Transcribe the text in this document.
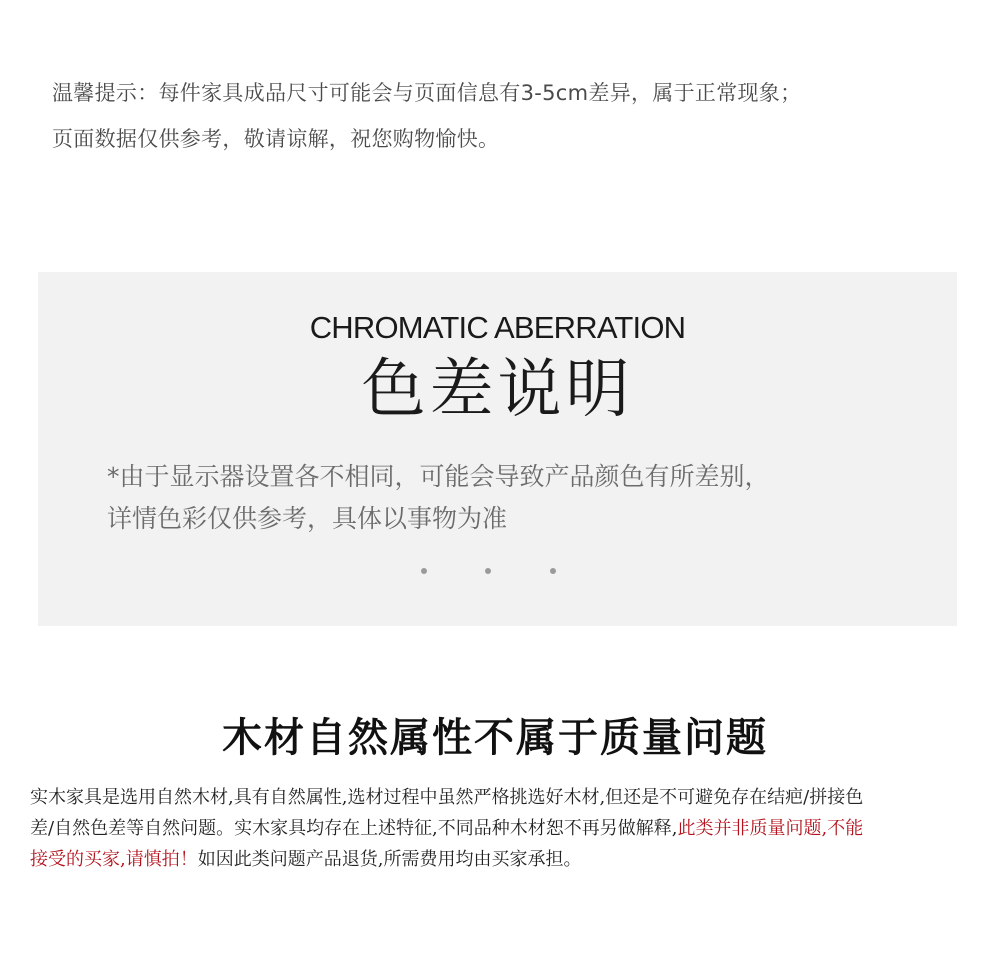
温馨提示：每件家具成品尺寸可能会与页面信息有3-5cm差异，属于正常现象；
页面数据仅供参考，敬请谅解，祝您购物愉快。
CHROMATIC ABERRATION
色差说明
*由于显示器设置各不相同，可能会导致产品颜色有所差别，
详情色彩仅供参考，具体以事物为准
木材自然属性不属于质量问题
实木家具是选用自然木材,具有自然属性,选材过程中虽然严格挑选好木材,但还是不可避免存在结疤/拼接色
差/自然色差等自然问题。实木家具均存在上述特征,不同品种木材恕不再另做解释,此类并非质量问题,不能
接受的买家,请慎拍！如因此类问题产品退货,所需费用均由买家承担。
